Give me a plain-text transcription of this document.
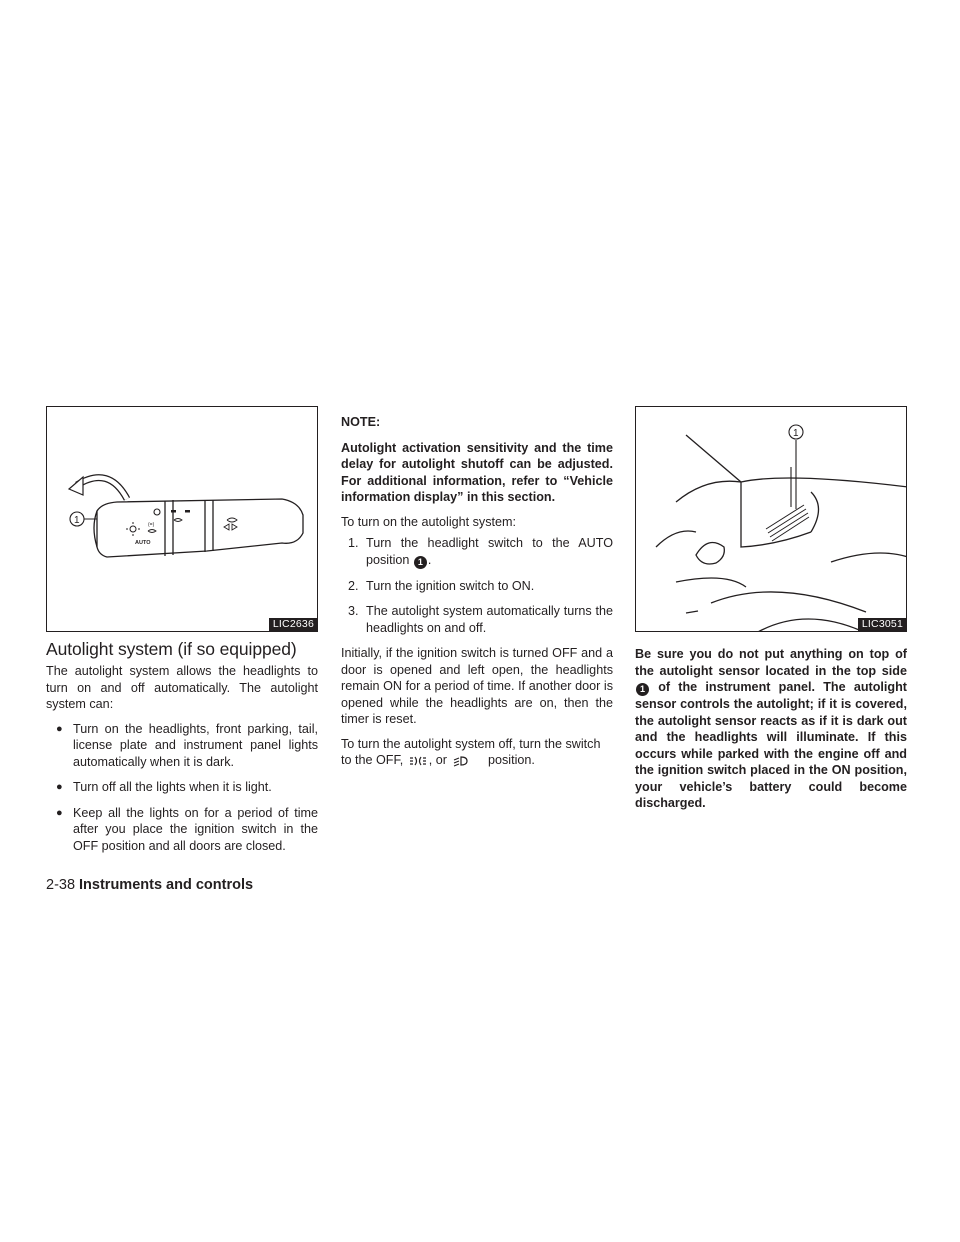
(=)
AUTO
1
LIC2636
Autolight system (if so equipped)

The autolight system allows the headlights to turn on and off automatically. The autolight system can:

● Turn on the headlights, front parking, tail, license plate and instrument panel lights automatically when it is dark.
● Turn off all the lights when it is light.
● Keep all the lights on for a period of time after you place the ignition switch in the OFF position and all doors are closed.

NOTE:

Autolight activation sensitivity and the time delay for autolight shutoff can be adjusted. For additional information, refer to “Vehicle information display” in this section.

To turn on the autolight system:

1. Turn the headlight switch to the AUTO position 1 .
2. Turn the ignition switch to ON.
3. The autolight system automatically turns the headlights on and off.

Initially, if the ignition switch is turned OFF and a door is opened and left open, the headlights remain ON for a period of time. If another door is opened while the headlights are on, then the timer is reset.

To turn the autolight system off, turn the switch to the OFF, , or	position.

1
LIC3051

Be sure you do not put anything on top of the autolight sensor located in the top side 1 of the instrument panel. The autolight sensor controls the autolight; if it is covered, the autolight sensor reacts as if it is dark out and the headlights will illuminate. If this occurs while parked with the engine off and the ignition switch placed in the ON position, your vehicle’s battery could become discharged.

2-38 Instruments and controls
